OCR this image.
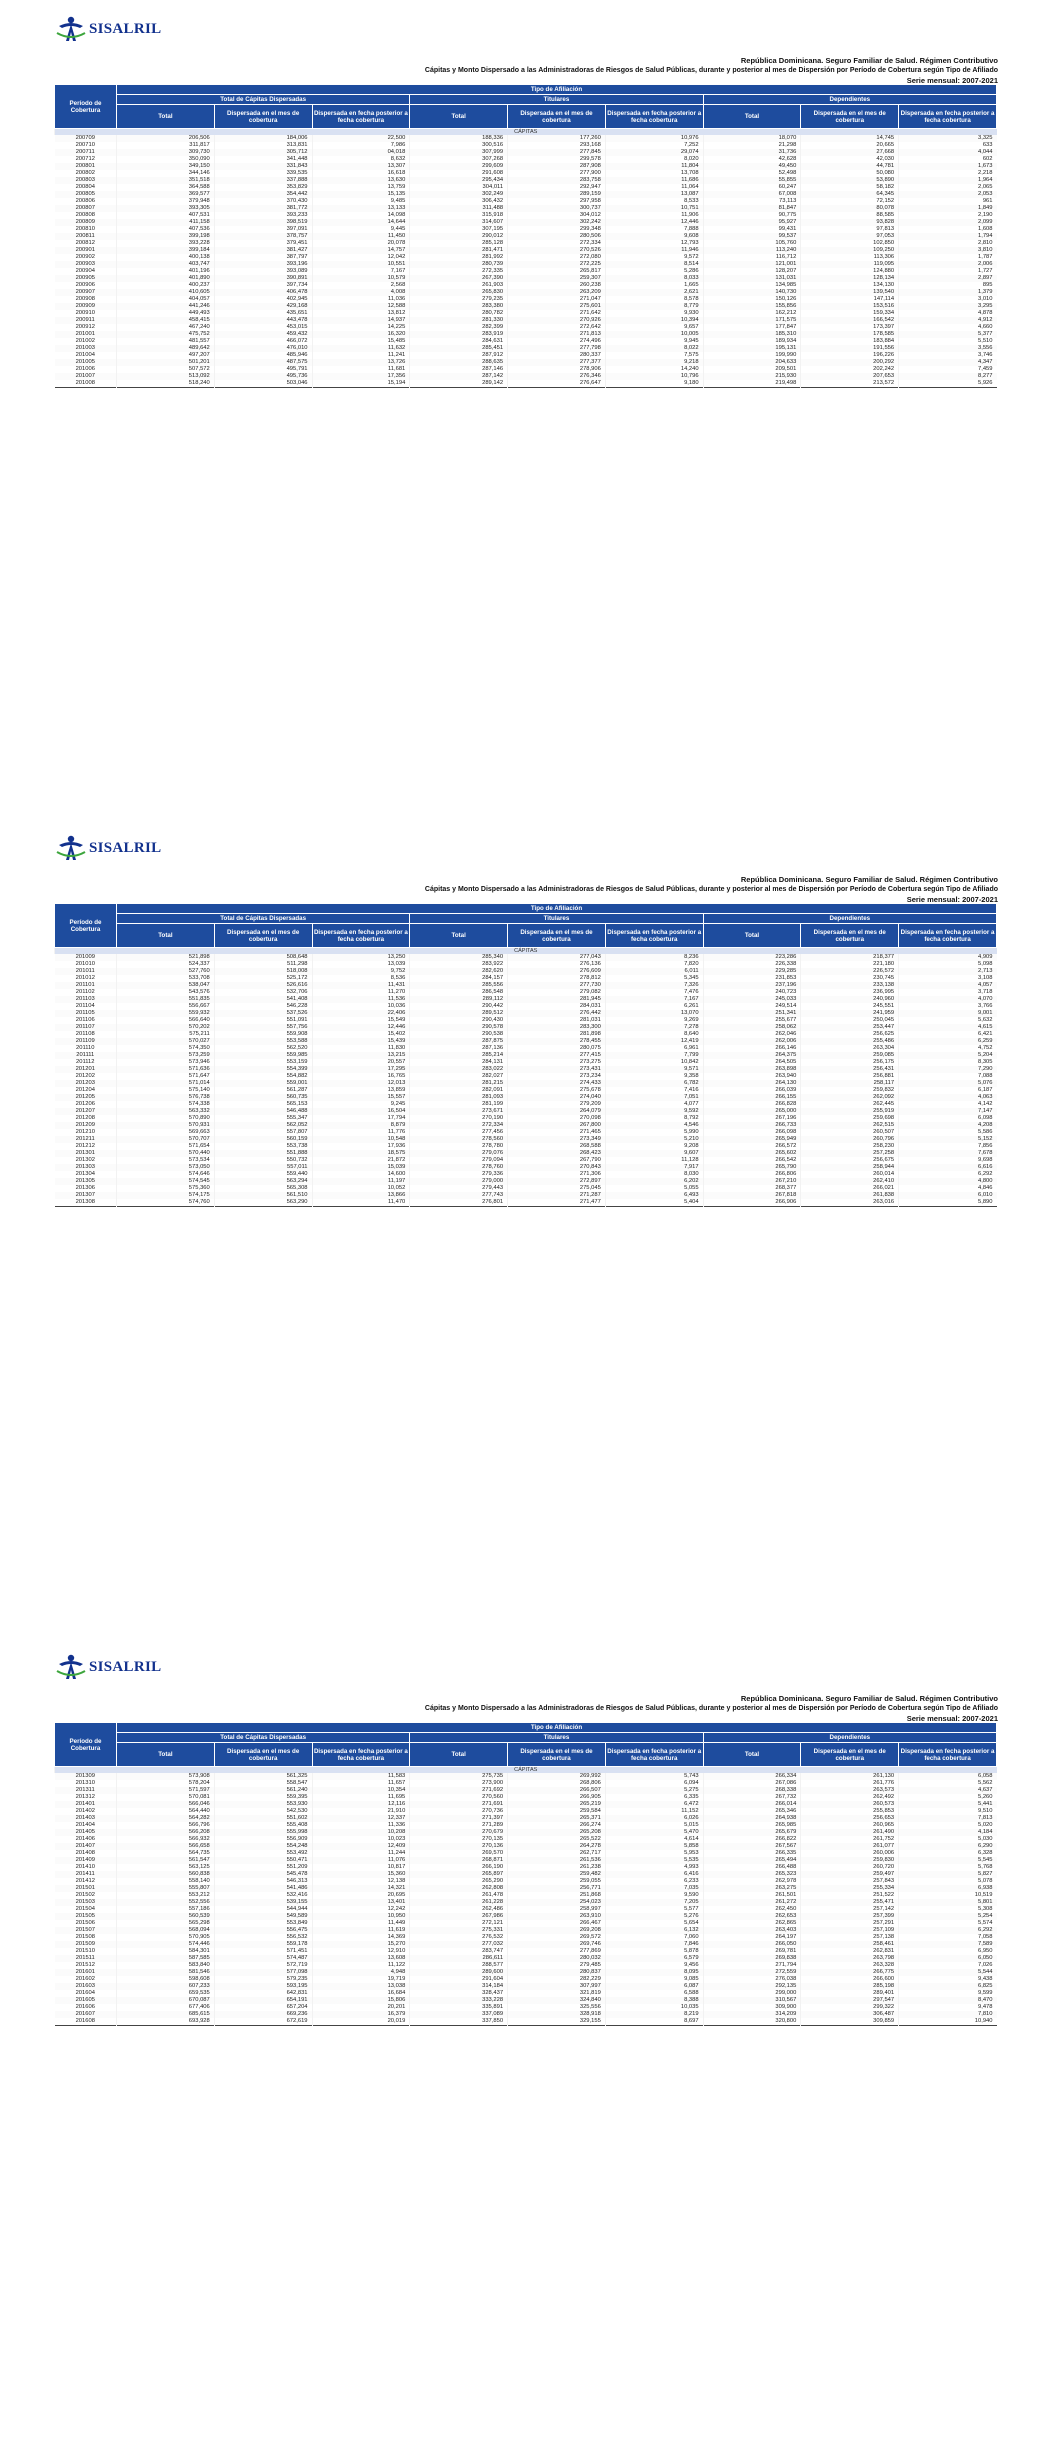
SISALRIL
República Dominicana. Seguro Familiar de Salud. Régimen Contributivo
Cápitas y Monto Dispersado a las Administradoras de Riesgos de Salud Públicas, durante y posterior al mes de Dispersión por Período de Cobertura según Tipo de Afiliado
Serie mensual: 2007-2021
Período de Cobertura	Tipo de Afiliación								
	Total de Cápitas Dispersadas			Titulares			Dependientes		
	Total	Dispersada en el mes de cobertura	Dispersada en fecha posterior a fecha cobertura	Total	Dispersada en el mes de cobertura	Dispersada en fecha posterior a fecha cobertura	Total	Dispersada en el mes de cobertura	Dispersada en fecha posterior a fecha cobertura
CÁPITAS									
200709	206,506	184,006	22,500	188,336	177,260	10,976	18,070	14,745	3,325
200710	311,817	313,831	7,986	300,516	293,168	7,252	21,298	20,665	633
200711	309,730	305,712	04,018	307,999	277,845	29,074	31,736	27,668	4,044
200712	350,090	341,448	8,632	307,268	299,578	8,020	42,628	42,030	602
200801	349,150	331,843	13,307	299,609	287,908	11,804	49,450	44,781	1,673
200802	344,146	339,535	16,618	291,608	277,900	13,708	52,498	50,080	2,218
200803	351,518	337,888	13,630	295,434	283,758	11,686	55,855	53,890	1,964
200804	364,588	353,829	13,759	304,011	292,947	11,064	60,247	58,182	2,065
200805	369,577	354,442	15,135	302,249	289,159	13,087	67,008	64,345	2,053
200806	379,948	370,430	9,485	306,432	297,958	8,533	73,113	72,152	961
200807	393,305	381,772	13,133	311,488	300,737	10,751	81,847	80,078	1,849
200808	407,531	393,233	14,098	315,918	304,012	11,906	90,775	88,585	2,190
200809	411,158	398,519	14,644	314,607	302,242	12,446	95,927	93,828	2,099
200810	407,536	397,091	9,445	307,195	299,348	7,888	99,431	97,813	1,608
200811	399,198	378,757	11,450	290,012	280,506	9,608	99,537	97,053	1,794
200812	393,228	379,451	20,078	285,128	272,334	12,793	105,760	102,850	2,810
200901	399,184	381,427	14,757	281,471	270,526	11,946	113,240	109,250	3,810
200902	400,138	387,797	12,042	281,992	272,080	9,572	116,712	113,306	1,787
200903	403,747	393,196	10,551	280,739	272,225	8,514	121,001	119,095	2,006
200904	401,196	393,089	7,167	272,335	265,817	5,286	128,207	124,880	1,727
200905	401,890	390,891	10,579	267,390	259,307	8,033	131,031	128,134	2,897
200906	400,237	397,734	2,568	261,903	260,238	1,665	134,985	134,130	895
200907	410,605	406,478	4,008	265,830	263,209	2,621	140,730	139,540	1,379
200908	404,057	402,945	11,036	279,235	271,047	8,578	150,126	147,114	3,010
200909	441,246	429,168	12,588	283,380	275,601	8,779	155,856	153,516	3,295
200910	449,493	435,651	13,812	280,782	271,642	9,930	162,212	159,334	4,878
200911	458,415	443,478	14,937	281,330	270,926	10,394	171,575	166,542	4,912
200912	467,240	453,015	14,225	282,399	272,642	9,657	177,847	173,397	4,660
201001	475,752	459,432	16,320	283,919	271,813	10,005	185,310	178,585	5,377
201002	481,557	466,072	15,485	284,631	274,496	9,945	189,934	183,884	5,510
201003	489,642	476,010	11,632	285,451	277,798	8,022	195,131	191,556	3,556
201004	497,207	485,946	11,241	287,912	280,337	7,575	199,990	196,226	3,746
201005	501,201	487,575	13,726	288,635	277,377	9,218	204,633	200,292	4,347
201006	507,572	495,791	11,681	287,146	278,906	14,240	209,501	202,242	7,459
201007	513,092	495,736	17,356	287,142	276,346	10,796	215,930	207,653	8,277
201008	518,240	503,046	15,194	289,142	276,647	9,180	219,498	213,572	5,926
SISALRIL
República Dominicana. Seguro Familiar de Salud. Régimen Contributivo
Cápitas y Monto Dispersado a las Administradoras de Riesgos de Salud Públicas, durante y posterior al mes de Dispersión por Período de Cobertura según Tipo de Afiliado
Serie mensual: 2007-2021
Período de Cobertura	Tipo de Afiliación								
	Total de Cápitas Dispersadas			Titulares			Dependientes		
	Total	Dispersada en el mes de cobertura	Dispersada en fecha posterior a fecha cobertura	Total	Dispersada en el mes de cobertura	Dispersada en fecha posterior a fecha cobertura	Total	Dispersada en el mes de cobertura	Dispersada en fecha posterior a fecha cobertura
CÁPITAS									
201009	521,898	508,648	13,250	285,340	277,043	8,236	223,286	218,377	4,909
201010	524,337	511,298	13,039	283,922	276,136	7,820	226,338	221,180	5,098
201011	527,760	518,008	9,752	282,620	276,609	6,011	229,285	226,572	2,713
201012	533,708	525,172	8,536	284,157	278,812	5,345	231,853	230,745	3,108
201101	538,047	526,616	11,431	285,556	277,730	7,326	237,196	233,138	4,057
201102	543,576	532,706	11,270	286,548	279,082	7,476	240,723	236,995	3,718
201103	551,835	541,408	11,536	289,112	281,945	7,167	245,033	240,960	4,070
201104	556,667	546,228	10,036	290,442	284,031	6,261	249,514	245,551	3,766
201105	559,932	537,526	22,406	289,512	276,442	13,070	251,341	241,959	9,001
201106	566,640	551,091	15,549	290,430	281,031	9,269	255,677	250,045	5,632
201107	570,202	557,756	12,446	290,578	283,300	7,278	258,062	253,447	4,615
201108	575,211	559,908	15,402	290,538	281,898	8,640	262,046	256,625	6,421
201109	570,027	553,588	15,439	287,875	278,455	12,419	262,006	255,486	6,259
201110	574,350	562,520	11,830	287,136	280,075	6,961	266,146	263,304	4,752
201111	573,259	559,985	13,215	285,214	277,415	7,799	264,375	259,085	5,204
201112	573,946	553,159	20,557	284,131	273,275	10,842	264,505	256,175	8,305
201201	571,636	554,399	17,295	283,022	273,431	9,571	263,898	256,431	7,290
201202	571,647	554,882	16,765	282,027	273,234	9,358	263,940	256,881	7,088
201203	571,014	559,001	12,013	281,215	274,433	6,782	264,130	258,117	5,076
201204	575,140	561,287	13,859	282,091	275,678	7,416	266,039	259,832	6,187
201205	576,738	560,735	15,557	281,093	274,040	7,051	266,155	262,092	4,063
201206	574,338	565,153	9,245	281,199	279,209	4,077	266,828	262,445	4,142
201207	563,332	546,488	16,504	273,671	264,079	9,592	265,000	255,919	7,147
201208	570,890	555,347	17,794	270,190	270,098	8,792	267,196	259,698	6,098
201209	570,931	562,052	8,879	272,334	267,800	4,546	266,733	262,515	4,208
201210	569,663	557,807	11,776	277,456	271,465	5,990	266,098	260,507	5,586
201211	570,707	560,159	10,548	278,560	273,349	5,210	265,949	260,796	5,152
201212	571,654	553,738	17,936	278,780	268,588	9,208	266,572	258,230	7,856
201301	570,440	551,888	18,575	279,076	268,423	9,607	265,602	257,258	7,678
201302	573,534	550,732	21,872	279,094	267,790	11,128	266,542	256,675	9,698
201303	573,050	557,011	15,039	278,760	270,843	7,917	265,790	258,944	6,616
201304	574,646	559,440	14,600	279,336	271,306	8,030	266,806	260,014	6,292
201305	574,545	563,294	11,197	279,000	272,897	6,202	267,210	262,410	4,800
201306	575,360	565,308	10,052	279,443	275,045	5,055	268,377	266,021	4,846
201307	574,175	561,510	13,866	277,743	271,287	6,493	267,818	261,838	6,010
201308	574,760	563,290	11,470	276,801	271,477	5,404	266,906	263,016	5,890
SISALRIL
República Dominicana. Seguro Familiar de Salud. Régimen Contributivo
Cápitas y Monto Dispersado a las Administradoras de Riesgos de Salud Públicas, durante y posterior al mes de Dispersión por Período de Cobertura según Tipo de Afiliado
Serie mensual: 2007-2021
Período de Cobertura	Tipo de Afiliación								
	Total de Cápitas Dispersadas			Titulares			Dependientes		
	Total	Dispersada en el mes de cobertura	Dispersada en fecha posterior a fecha cobertura	Total	Dispersada en el mes de cobertura	Dispersada en fecha posterior a fecha cobertura	Total	Dispersada en el mes de cobertura	Dispersada en fecha posterior a fecha cobertura
CÁPITAS									
201309	573,908	561,325	11,583	275,735	269,992	5,743	266,334	261,130	6,058
201310	578,204	558,547	11,657	273,900	268,806	6,094	267,086	261,776	5,562
201311	571,597	561,240	10,354	271,692	266,507	5,275	268,338	263,573	4,637
201312	570,081	559,395	11,695	270,560	266,905	6,335	267,732	262,492	5,260
201401	566,046	553,930	12,116	271,691	265,219	6,472	266,014	260,573	5,441
201402	564,440	542,530	21,910	270,736	259,584	11,152	265,346	255,853	9,510
201403	564,282	551,602	12,337	271,397	265,371	6,026	264,938	256,653	7,813
201404	566,796	555,408	11,336	271,289	266,274	5,015	265,985	260,965	5,020
201405	566,208	555,998	10,208	270,679	265,208	5,470	265,679	261,490	4,184
201406	566,932	556,909	10,023	270,135	265,522	4,614	266,822	261,752	5,030
201407	566,658	554,248	12,409	270,136	264,278	5,858	267,567	261,077	6,290
201408	564,735	553,492	11,244	269,570	262,717	5,953	266,335	260,006	6,328
201409	561,547	550,471	11,076	268,871	261,536	5,535	265,494	259,830	5,545
201410	563,125	551,209	10,817	266,190	261,238	4,993	266,488	260,720	5,768
201411	560,838	545,478	15,360	265,897	259,482	6,416	265,323	259,497	5,827
201412	558,140	546,313	12,138	265,290	259,055	6,233	262,978	257,843	5,078
201501	555,807	541,486	14,321	262,808	256,771	7,035	263,275	255,334	6,938
201502	553,212	532,416	20,695	261,478	251,868	9,590	261,501	251,522	10,519
201503	552,556	539,155	13,401	261,228	254,023	7,205	261,272	255,471	5,801
201504	557,186	544,944	12,242	262,486	258,997	5,577	262,450	257,142	5,308
201505	560,539	549,589	10,950	267,986	263,910	5,276	262,653	257,399	5,254
201506	565,298	553,849	11,449	272,121	266,467	5,654	262,865	257,291	5,574
201507	568,094	556,475	11,619	275,331	269,208	6,132	263,403	257,109	6,292
201508	570,905	556,532	14,369	276,532	269,572	7,060	264,197	257,138	7,058
201509	574,446	559,178	15,270	277,032	269,746	7,846	266,050	258,461	7,589
201510	584,301	571,451	12,910	283,747	277,869	5,878	269,781	262,831	6,950
201511	587,585	574,487	13,608	286,611	280,032	6,579	269,838	263,798	6,050
201512	583,840	572,719	11,122	288,577	279,485	9,456	271,794	263,328	7,026
201601	581,546	577,098	4,948	289,600	280,837	8,095	272,559	266,775	5,544
201602	598,608	579,235	19,719	291,604	282,229	9,085	276,038	266,600	9,438
201603	607,233	593,195	13,038	314,184	307,997	6,087	292,135	285,198	6,825
201604	659,535	642,831	16,684	328,437	321,819	6,588	299,000	289,401	9,599
201605	670,087	654,191	15,806	333,228	324,840	8,388	310,567	297,547	8,470
201606	677,406	657,204	20,201	335,891	325,556	10,035	309,900	299,322	9,478
201607	685,615	669,236	16,379	337,089	328,918	8,219	314,209	306,487	7,810
201608	693,928	672,619	20,019	337,850	329,155	8,697	320,800	309,859	10,940
